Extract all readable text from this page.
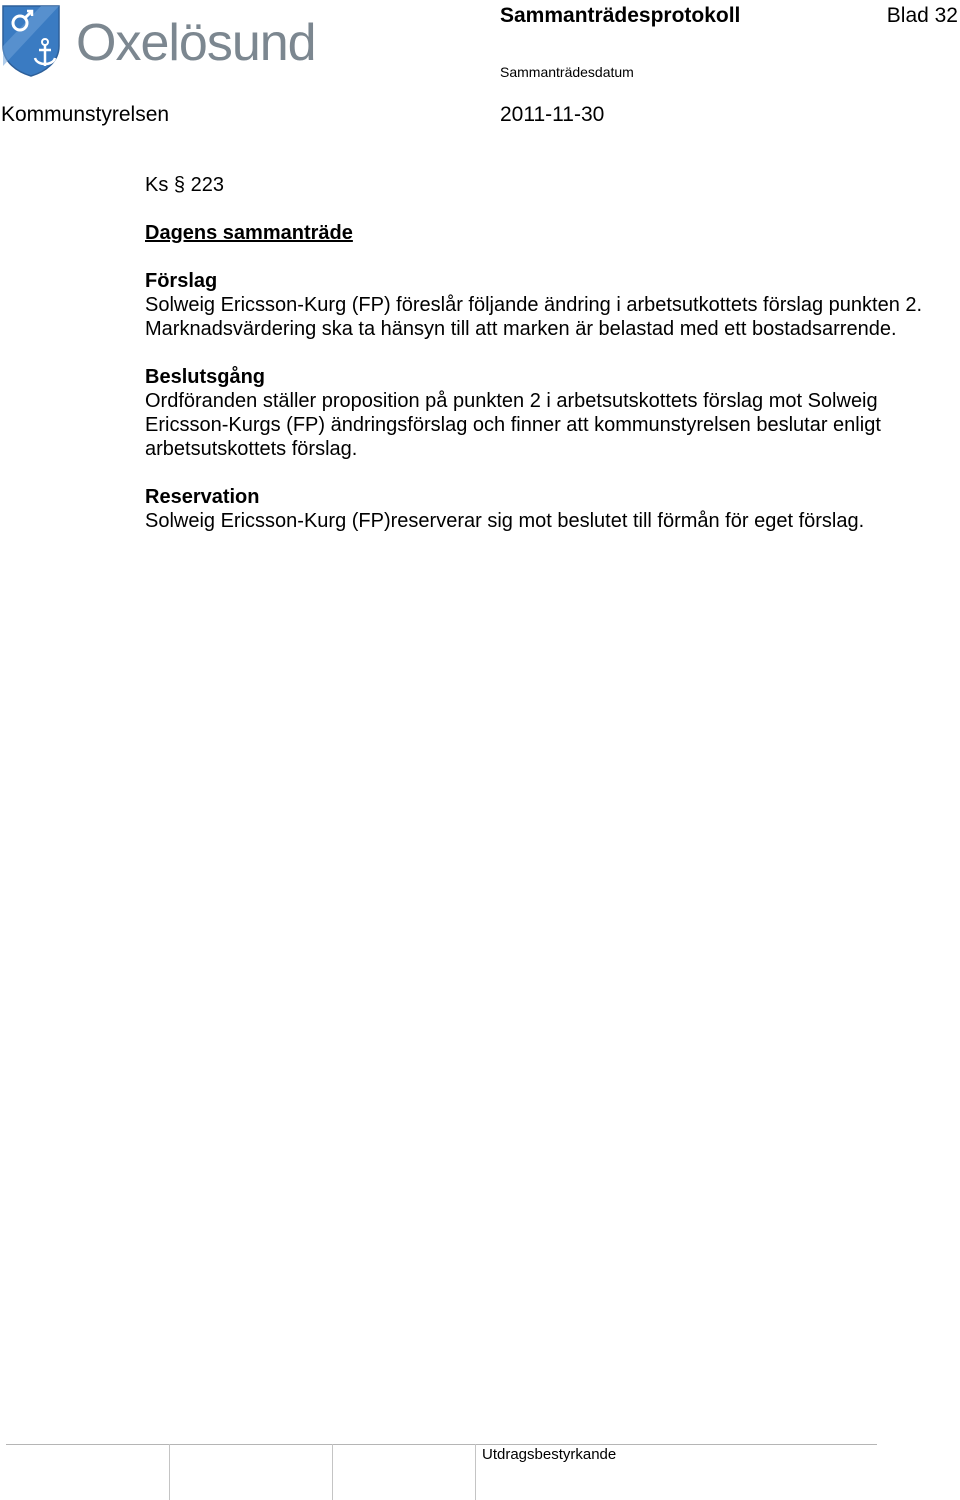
Oxelösund	Sammanträdesprotokoll	Blad 32
Sammanträdesdatum
Kommunstyrelsen	2011-11-30
Ks § 223
Dagens sammanträde
Förslag

Solweig Ericsson-Kurg (FP) föreslår följande ändring i arbetsutkottets förslag punkten 2. Marknadsvärdering ska ta hänsyn till att marken är belastad med ett bostadsarrende.

Beslutsgång

Ordföranden ställer proposition på punkten 2 i arbetsutskottets förslag mot Solweig Ericsson-Kurgs (FP) ändringsförslag och finner att kommunstyrelsen beslutar enligt arbetsutskottets förslag.

Reservation

Solweig Ericsson-Kurg (FP)reserverar sig mot beslutet till förmån för eget förslag.

Utdragsbestyrkande
